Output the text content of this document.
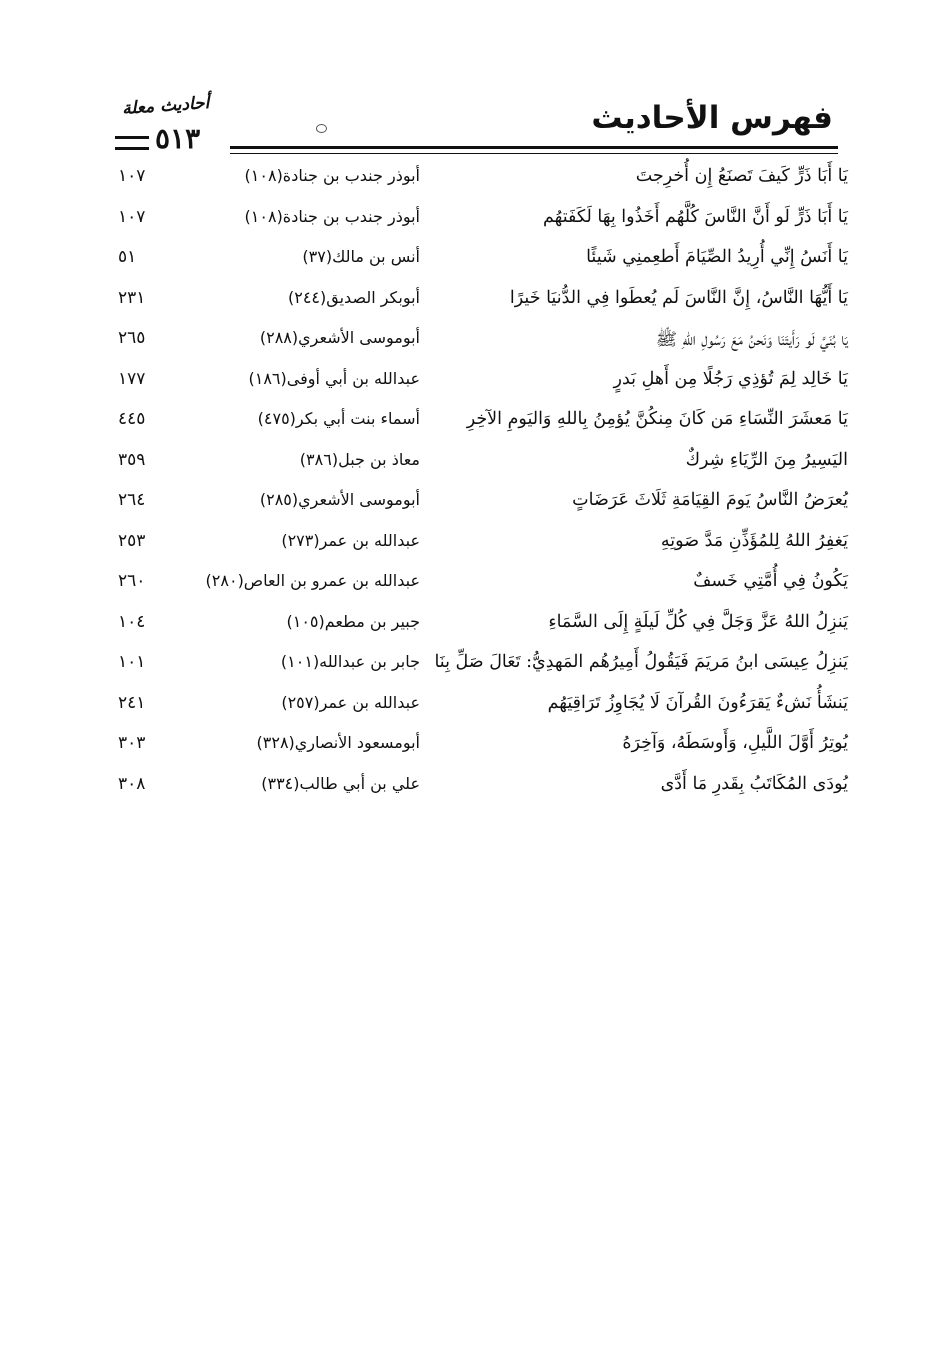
أحاديث معلة	فهرس الأحاديث
٥١٣
يَا أَبَا ذَرٍّ كَيفَ تَصنَعُ إِن أُخرِجتَ
أبوذر جندب بن جنادة(١٠٨)
١٠٧
يَا أَبَا ذَرٍّ لَو أَنَّ النَّاسَ كُلَّهُم أَخَذُوا بِهَا لَكَفَتهُم
أبوذر جندب بن جنادة(١٠٨)
١٠٧
يَا أَنَسُ إِنِّي أُرِيدُ الصِّيَامَ أَطعِمنِي شَيئًا
أنس بن مالك(٣٧)
٥١
يَا أَيُّهَا النَّاسُ، إِنَّ النَّاسَ لَم يُعطَوا فِي الدُّنيَا خَيرًا
أبوبكر الصديق(٢٤٤)
٢٣١
يَا بُنَيَّ لَو رَأَيتَنَا وَنَحنُ مَعَ رَسُولِ اللهِ ﷺ
أبوموسى الأشعري(٢٨٨)
٢٦٥
يَا خَالِد لِمَ تُؤذِي رَجُلًا مِن أَهلِ بَدرٍ
عبدالله بن أبي أوفى(١٨٦)
١٧٧
يَا مَعشَرَ النِّسَاءِ مَن كَانَ مِنكُنَّ يُؤمِنُ بِاللهِ وَاليَومِ الآخِرِ
أسماء بنت أبي بكر(٤٧٥)
٤٤٥
اليَسِيرُ مِنَ الرِّيَاءِ شِركٌ
معاذ بن جبل(٣٨٦)
٣٥٩
يُعرَضُ النَّاسُ يَومَ القِيَامَةِ ثَلَاثَ عَرَضَاتٍ
أبوموسى الأشعري(٢٨٥)
٢٦٤
يَغفِرُ اللهُ لِلمُؤَذِّنِ مَدَّ صَوتِهِ
عبدالله بن عمر(٢٧٣)
٢٥٣
يَكُونُ فِي أُمَّتِي خَسفٌ
عبدالله بن عمرو بن العاص(٢٨٠)
٢٦٠
يَنزِلُ اللهُ عَزَّ وَجَلَّ فِي كُلِّ لَيلَةٍ إِلَى السَّمَاءِ
جبير بن مطعم(١٠٥)
١٠٤
يَنزِلُ عِيسَى ابنُ مَريَمَ فَيَقُولُ أَمِيرُهُم المَهدِيُّ: تَعَالَ صَلِّ بِنَا
جابر بن عبدالله(١٠١)
١٠١
يَنشَأُ نَشءٌ يَقرَءُونَ القُرآنَ لَا يُجَاوِزُ تَرَاقِيَهُم
عبدالله بن عمر(٢٥٧)
٢٤١
يُوتِرُ أَوَّلَ اللَّيلِ، وَأَوسَطَهُ، وَآخِرَهُ
أبومسعود الأنصاري(٣٢٨)
٣٠٣
يُودَى المُكَاتَبُ بِقَدرِ مَا أَدَّى
علي بن أبي طالب(٣٣٤)
٣٠٨
